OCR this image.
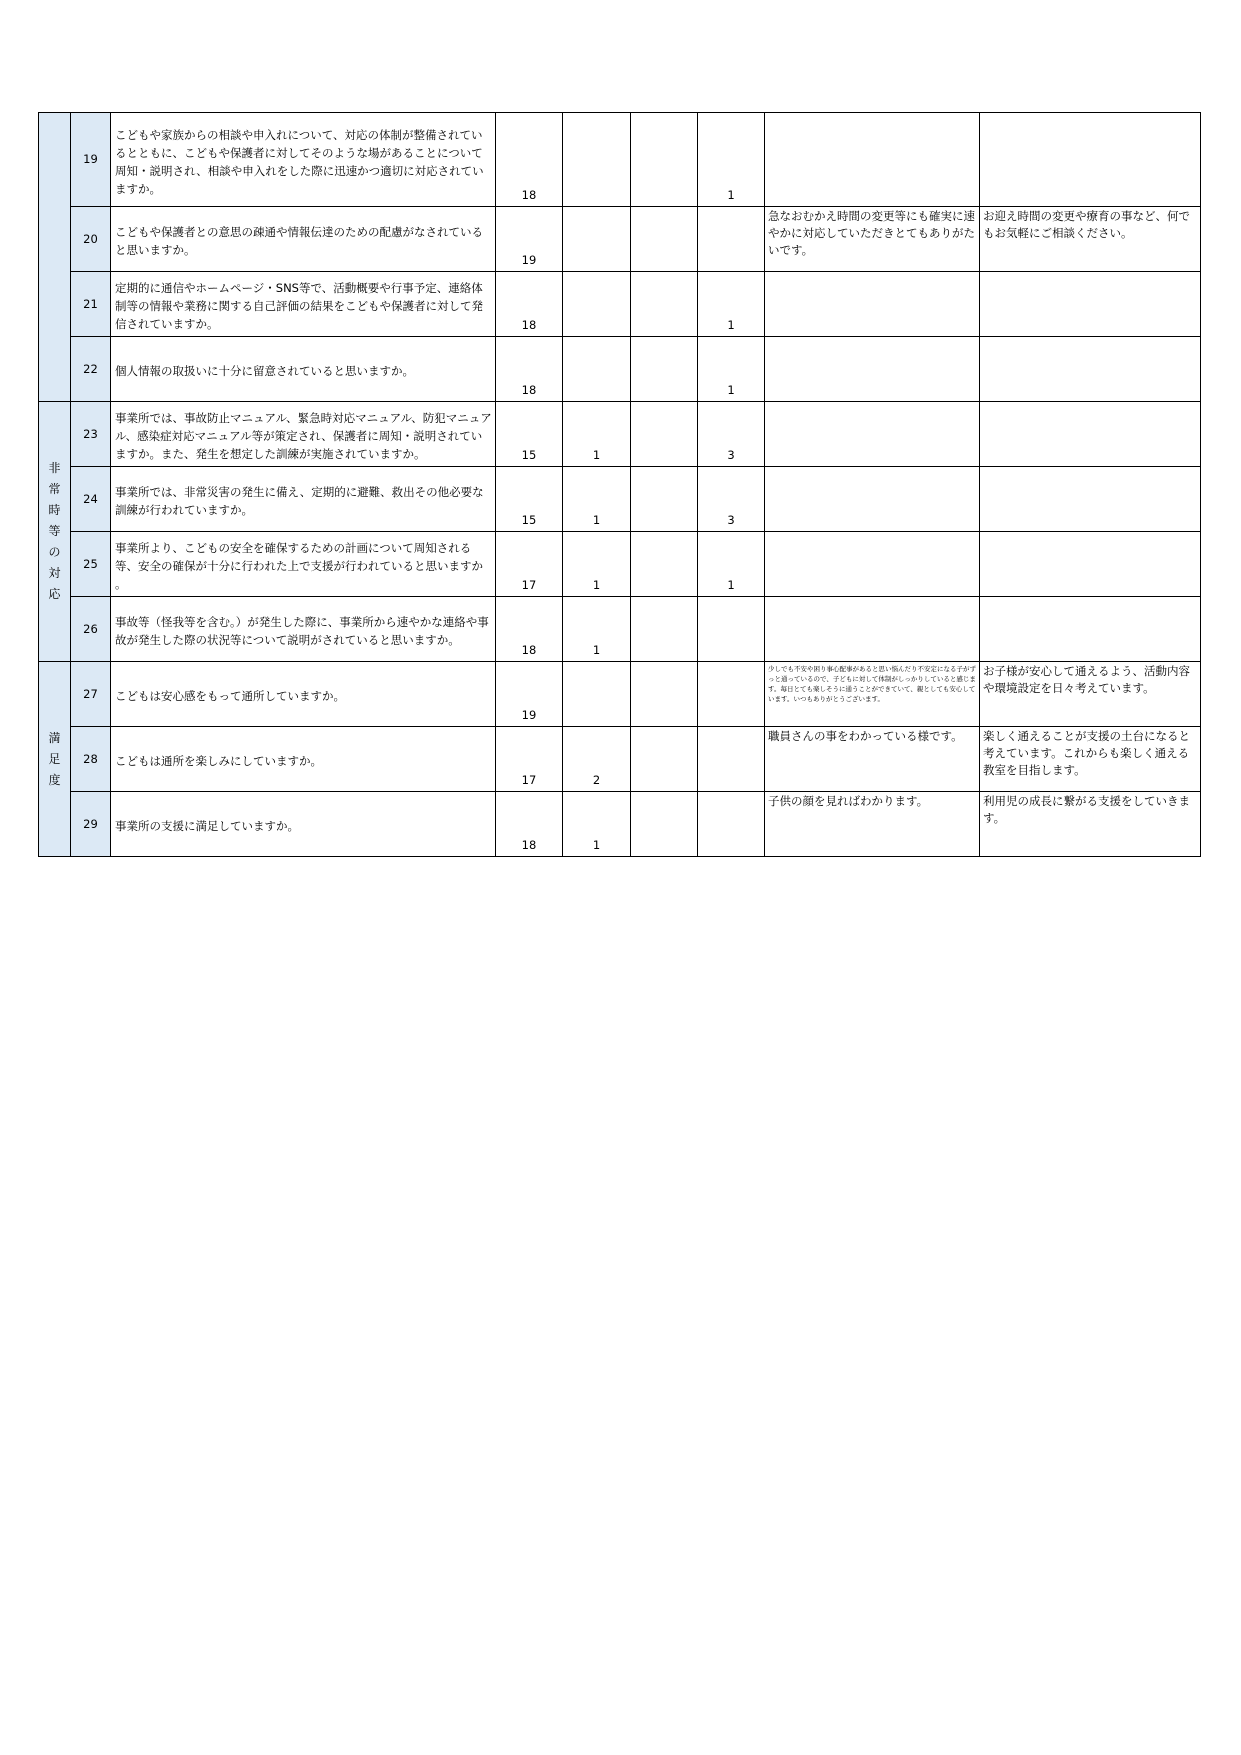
	19	こどもや家族からの相談や申入れについて、対応の体制が整備されているとともに、こどもや保護者に対してそのような場があることについて周知・説明され、相談や申入れをした際に迅速かつ適切に対応されていますか。	18			1		
	20	こどもや保護者との意思の疎通や情報伝達のための配慮がなされていると思いますか。	19				急なおむかえ時間の変更等にも確実に速やかに対応していただきとてもありがたいです。	お迎え時間の変更や療育の事など、何でもお気軽にご相談ください。
	21	定期的に通信やホームページ・SNS等で、活動概要や行事予定、連絡体制等の情報や業務に関する自己評価の結果をこどもや保護者に対して発信されていますか。	18			1		
	22	個人情報の取扱いに十分に留意されていると思いますか。	18			1		
非常時等の対応	23	事業所では、事故防止マニュアル、緊急時対応マニュアル、防犯マニュアル、感染症対応マニュアル等が策定され、保護者に周知・説明されていますか。また、発生を想定した訓練が実施されていますか。	15	1		3		
	24	事業所では、非常災害の発生に備え、定期的に避難、救出その他必要な訓練が行われていますか。	15	1		3		
	25	事業所より、こどもの安全を確保するための計画について周知される等、安全の確保が十分に行われた上で支援が行われていると思いますか 。	17	1		1		
	26	事故等（怪我等を含む。）が発生した際に、事業所から速やかな連絡や事故が発生した際の状況等について説明がされていると思いますか。	18	1				
満足度	27	こどもは安心感をもって通所していますか。	19				少しでも不安や困り事心配事があると思い悩んだり不安定になる子がずっと通っているので、子どもに対して体制がしっかりしていると感じます。毎日とても楽しそうに通うことができていて、親としても安心しています。いつもありがとうございます。	お子様が安心して通えるよう、活動内容や環境設定を日々考えています。
	28	こどもは通所を楽しみにしていますか。	17	2			職員さんの事をわかっている様です。	楽しく通えることが支援の土台になると考えています。これからも楽しく通える教室を目指します。
	29	事業所の支援に満足していますか。	18	1			子供の顔を見ればわかります。	利用児の成長に繋がる支援をしていきます。
